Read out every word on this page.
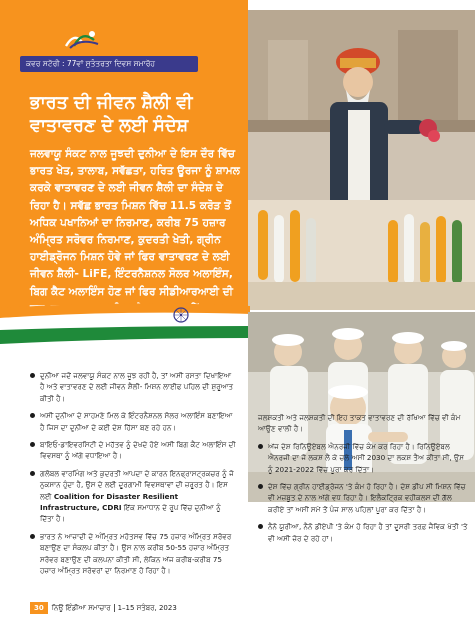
ਕਵਰ ਸਟੋਰੀ : 77ਵਾਂ ਸੁਤੰਤਰਤਾ ਦਿਵਸ ਸਮਾਰੋਹ
ਭਾਰਤ ਦੀ ਜੀਵਨ ਸ਼ੈਲੀ ਵੀ
ਵਾਤਾਵਰਣ ਦੇ ਲਈ ਸੰਦੇਸ਼
ਜਲਵਾਯੂ ਸੰਕਟ ਨਾਲ ਜੂਝਦੀ ਦੁਨੀਆ ਦੇ ਇਸ ਦੌਰ ਵਿੱਚ ਭਾਰਤ ਖੇਤ, ਤਾਲਾਬ, ਸਵੱਛਤਾ, ਹਰਿਤ ਊਰਜਾ ਨੂੰ ਸ਼ਾਮਲ ਕਰਕੇ ਵਾਤਾਵਰਣ ਦੇ ਲਈ ਜੀਵਨ ਸ਼ੈਲੀ ਦਾ ਸੰਦੇਸ਼ ਦੇ ਰਿਹਾ ਹੈ। ਸਵੱਛ ਭਾਰਤ ਮਿਸ਼ਨ ਵਿੱਚ 11.5 ਕਰੋੜ ਤੋਂ ਅਧਿਕ ਪਖਾਨਿਆਂ ਦਾ ਨਿਰਮਾਣ, ਕਰੀਬ 75 ਹਜ਼ਾਰ ਅੰਮ੍ਰਿਤ ਸਰੋਵਰ ਨਿਰਮਾਣ, ਕੁਦਰਤੀ ਖੇਤੀ, ਗ੍ਰੀਨ ਹਾਈਡ੍ਰੋਜਨ ਮਿਸ਼ਨ ਹੋਵੇ ਜਾਂ ਫਿਰ ਵਾਤਾਵਰਣ ਦੇ ਲਈ ਜੀਵਨ ਸ਼ੈਲੀ- LiFE, ਇੰਟਰਨੈਸ਼ਨਲ ਸੋਲਰ ਅਲਾਇੰਸ, ਬਿਗ ਕੈਟ ਅਲਾਇੰਸ ਹੋਣ ਜਾਂ ਫਿਰ ਸੀਡੀਆਰਆਈ ਦੀ
ਦੁਨੀਆ ਜਦੋਂ ਜਲਵਾਯੂ ਸੰਕਟ ਨਾਲ ਜੂਝ ਰਹੀ ਹੈ, ਤਾਂ ਅਸੀਂ ਰਸਤਾ ਦਿਖਾਇਆ ਹੈ ਅਤੇ ਵਾਤਾਵਰਣ ਦੇ ਲਈ ਜੀਵਨ ਸ਼ੈਲੀ- ਮਿਸ਼ਨ ਲਾਈਫ ਪਹਿਲ ਦੀ ਸ਼ੁਰੂਆਤ ਕੀਤੀ ਹੈ।
ਅਸੀਂ ਦੁਨੀਆ ਦੇ ਸਾਹਮਣੇ ਮਿਲ ਕੇ ਇੰਟਰਨੈਸ਼ਨਲ ਸੋਲਰ ਅਲਾਇੰਸ ਬਣਾਇਆ ਹੈ ਜਿਸ ਦਾ ਦੁਨੀਆ ਦੇ ਕਈ ਦੇਸ਼ ਹਿੱਸਾ ਬਣ ਰਹੇ ਹਨ।
ਬਾਇਓ-ਡਾਇਵਰਸਿਟੀ ਦੇ ਮਹੱਤਵ ਨੂੰ ਦੇਖਦੇ ਹੋਏ ਅਸੀਂ ਬਿਗ ਕੈਟ ਅਲਾਇੰਸ ਦੀ ਵਿਵਸਥਾ ਨੂੰ ਅੱਗੇ ਵਧਾਇਆ ਹੈ।
ਗਲੋਬਲ ਵਾਰਮਿੰਗ ਅਤੇ ਕੁਦਰਤੀ ਆਪਦਾ ਦੇ ਕਾਰਨ ਇਨਫ੍ਰਾਸਟ੍ਰਕਚਰ ਨੂੰ ਜੋ ਨੁਕਸਾਨ ਹੁੰਦਾ ਹੈ, ਉਸ ਦੇ ਲਈ ਦੂਰਗਾਮੀ ਵਿਵਸਥਾਵਾਂ ਦੀ ਜ਼ਰੂਰਤ ਹੈ। ਇਸ ਲਈ Coalition for Disaster Resilient Infrastructure, CDRI ਇੱਕ ਸਮਾਧਾਨ ਦੇ ਰੂਪ ਵਿੱਚ ਦੁਨੀਆ ਨੂੰ ਦਿੱਤਾ ਹੈ।
ਭਾਰਤ ਨੇ ਆਜ਼ਾਦੀ ਦੇ ਅੰਮ੍ਰਿਤ ਮਹੋਤਸਵ ਵਿੱਚ 75 ਹਜ਼ਾਰ ਅੰਮ੍ਰਿਤ ਸਰੋਵਰ ਬਣਾਉਣ ਦਾ ਸੰਕਲਪ ਕੀਤਾ ਹੈ। ਉਸ ਨਾਲ ਕਰੀਬ 50-55 ਹਜ਼ਾਰ ਅੰਮ੍ਰਿਤ ਸਰੋਵਰ ਬਣਾਉਣ ਦੀ ਕਲਪਨਾ ਕੀਤੀ ਸੀ, ਲੇਕਿਨ ਅੱਜ ਕਰੀਬ-ਕਰੀਬ 75 ਹਜ਼ਾਰ ਅੰਮ੍ਰਿਤ ਸਰੋਵਰਾਂ ਦਾ ਨਿਰਮਾਣ ਹੋ ਰਿਹਾ ਹੈ।
ਜਲਸ਼ਕਤੀ ਅਤੇ ਜਲਸ਼ਕਤੀ ਦੀ ਇਹ ਤਾਕਤ ਵਾਤਾਵਰਣ ਦੀ ਰੱਖਿਆ ਵਿੱਚ ਵੀ ਕੰਮ ਆਉਣ ਵਾਲੀ ਹੈ।
ਅੱਜ ਦੇਸ਼ ਰਿਨਿਊਏਬਲ ਐਨਰਜੀ ਵਿੱਚ ਕੰਮ ਕਰ ਰਿਹਾ ਹੈ। ਰਿਨਿਊਏਬਲ ਐਨਰਜੀ ਦਾ ਜੋ ਲਕਸ਼ ਲੈ ਕੇ ਚਲੇ ਅਸੀਂ 2030 ਦਾ ਲਕਸ਼ ਤੈਅ ਕੀਤਾ ਸੀ, ਉਸ ਨੂੰ 2021-2022 ਵਿੱਚ ਪੂਰਾ ਕਰ ਦਿੱਤਾ।
ਦੇਸ਼ ਵਿੱਚ ਗ੍ਰੀਨ ਹਾਈਡ੍ਰੋਜਨ 'ਤੇ ਕੰਮ ਹੋ ਰਿਹਾ ਹੈ। ਦੇਸ਼ ਡੀਪ ਸੀ ਮਿਸ਼ਨ ਵਿੱਚ ਵੀ ਮਜ਼ਬੂਤ ਦੇ ਨਾਲ ਅੱਗੇ ਵਧ ਰਿਹਾ ਹੈ। ਇਲੈਕਟ੍ਰਿਕ ਵਹੀਕਲਸ ਦੀ ਗੱਲ ਕਰੀਏ ਤਾਂ ਅਸੀਂ ਸਮੇਂ ਤੋਂ ਪੰਜ ਸਾਲ ਪਹਿਲਾਂ ਪੂਰਾ ਕਰ ਦਿੱਤਾ ਹੈ।
ਨੈਨੋ ਯੂਰੀਆ, ਨੈਨੋ ਡੀਏਪੀ 'ਤੇ ਕੰਮ ਹੋ ਰਿਹਾ ਹੈ ਤਾਂ ਦੂਸਰੀ ਤਰਫ਼ ਜੈਵਿਕ ਖੇਤੀ 'ਤੇ ਵੀ ਅਸੀਂ ਜ਼ੋਰ ਦੇ ਰਹੇ ਹਾਂ।
30 ਨਿਊ ਇੰਡੀਆ ਸਮਾਚਾਰ 1–15 ਸਤੰਬਰ, 2023
